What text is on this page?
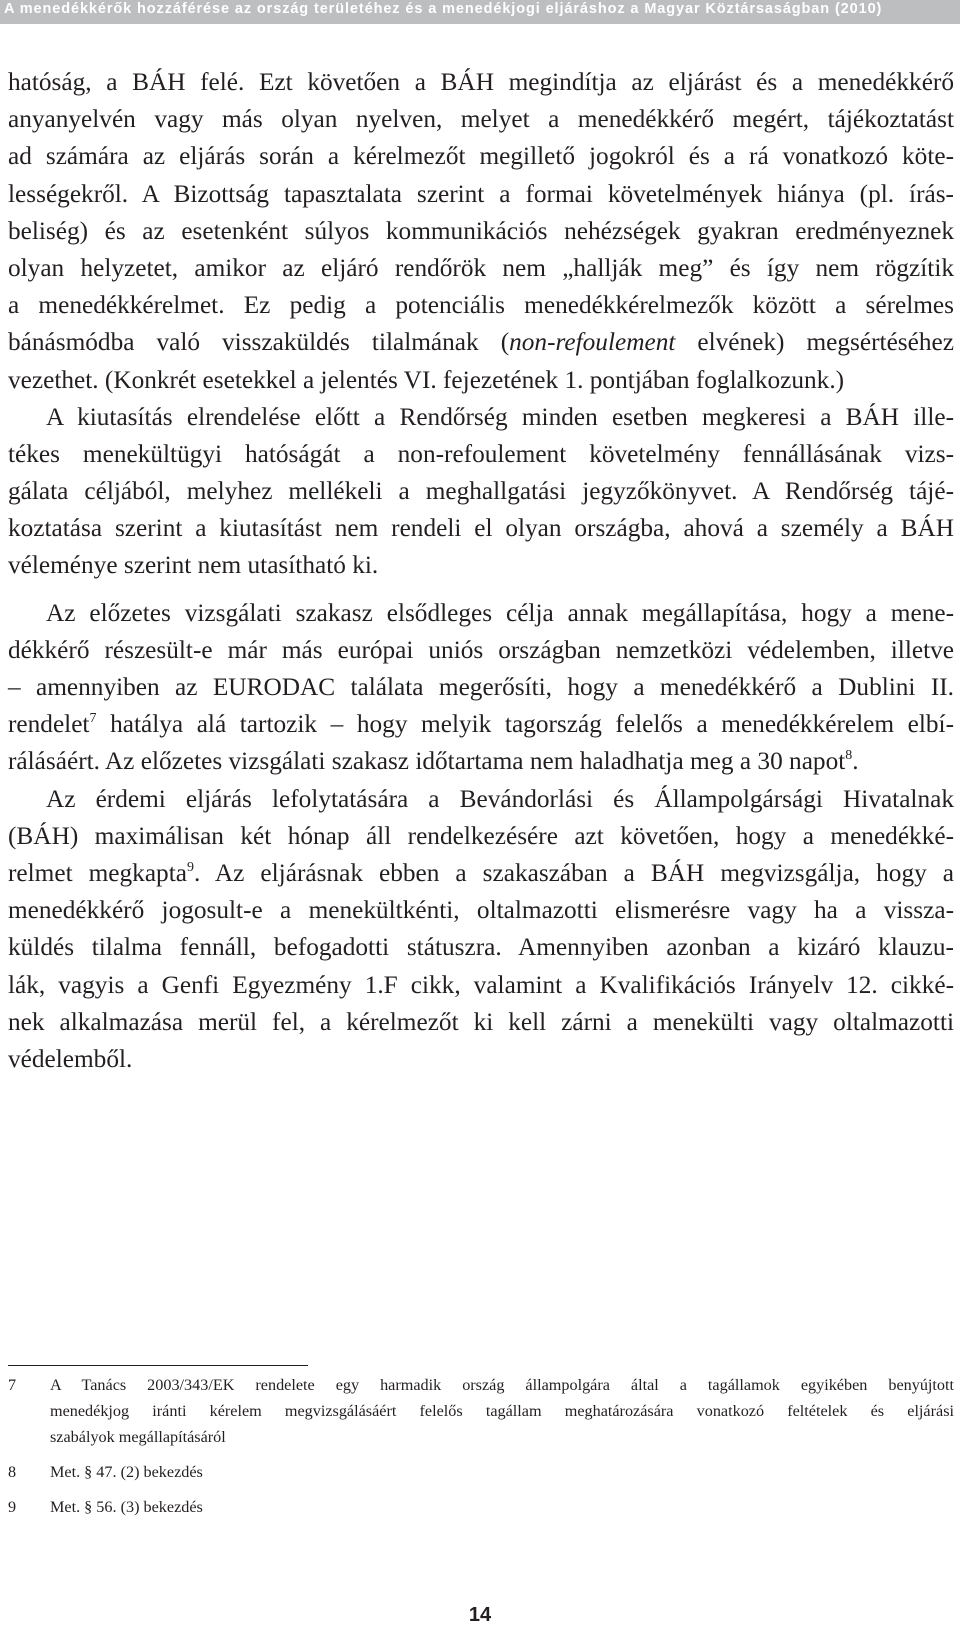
A menedékkérők hozzáférése az ország területéhez és a menedékjogi eljáráshoz a Magyar Köztársaságban (2010)
hatóság, a BÁH felé. Ezt követően a BÁH megindítja az eljárást és a menedékkérő
anyanyelvén vagy más olyan nyelven, melyet a menedékkérő megért, tájékoztatást
ad számára az eljárás során a kérelmezőt megillető jogokról és a rá vonatkozó köte-
lességekről. A Bizottság tapasztalata szerint a formai követelmények hiánya (pl. írás-
beliség) és az esetenként súlyos kommunikációs nehézségek gyakran eredményeznek
olyan helyzetet, amikor az eljáró rendőrök nem „hallják meg” és így nem rögzítik
a menedékkérelmet. Ez pedig a potenciális menedékkérelmezők között a sérelmes
bánásmódba való visszaküldés tilalmának (non-refoulement elvének) megsértéséhez
vezethet. (Konkrét esetekkel a jelentés VI. fejezetének 1. pontjában foglalkozunk.)
A kiutasítás elrendelése előtt a Rendőrség minden esetben megkeresi a BÁH ille-
tékes menekültügyi hatóságát a non-refoulement követelmény fennállásának vizs-
gálata céljából, melyhez mellékeli a meghallgatási jegyzőkönyvet. A Rendőrség tájé-
koztatása szerint a kiutasítást nem rendeli el olyan országba, ahová a személy a BÁH
véleménye szerint nem utasítható ki.
Az előzetes vizsgálati szakasz elsődleges célja annak megállapítása, hogy a mene-
dékkérő részesült-e már más európai uniós országban nemzetközi védelemben, illetve
– amennyiben az EURODAC találata megerősíti, hogy a menedékkérő a Dublini II.
rendelet$^7$ hatálya alá tartozik – hogy melyik tagország felelős a menedékkérelem elbí-
rálásáért. Az előzetes vizsgálati szakasz időtartama nem haladhatja meg a 30 napot$^8$.
Az érdemi eljárás lefolytatására a Bevándorlási és Állampolgársági Hivatalnak
(BÁH) maximálisan két hónap áll rendelkezésére azt követően, hogy a menedékké-
relmet megkapta$^9$. Az eljárásnak ebben a szakaszában a BÁH megvizsgálja, hogy a
menedékkérő jogosult-e a menekültkénti, oltalmazotti elismerésre vagy ha a vissza-
küldés tilalma fennáll, befogadotti státuszra. Amennyiben azonban a kizáró klauzu-
lák, vagyis a Genfi Egyezmény 1.F cikk, valamint a Kvalifikációs Irányelv 12. cikké-
nek alkalmazása merül fel, a kérelmezőt ki kell zárni a menekülti vagy oltalmazotti
védelemből.
7 A Tanács 2003/343/EK rendelete egy harmadik ország állampolgára által a tagállamok egyikében benyújtott
menedékjog iránti kérelem megvizsgálásáért felelős tagállam meghatározására vonatkozó feltételek és eljárási
szabályok megállapításáról
8 Met. § 47. (2) bekezdés
9 Met. § 56. (3) bekezdés
14
